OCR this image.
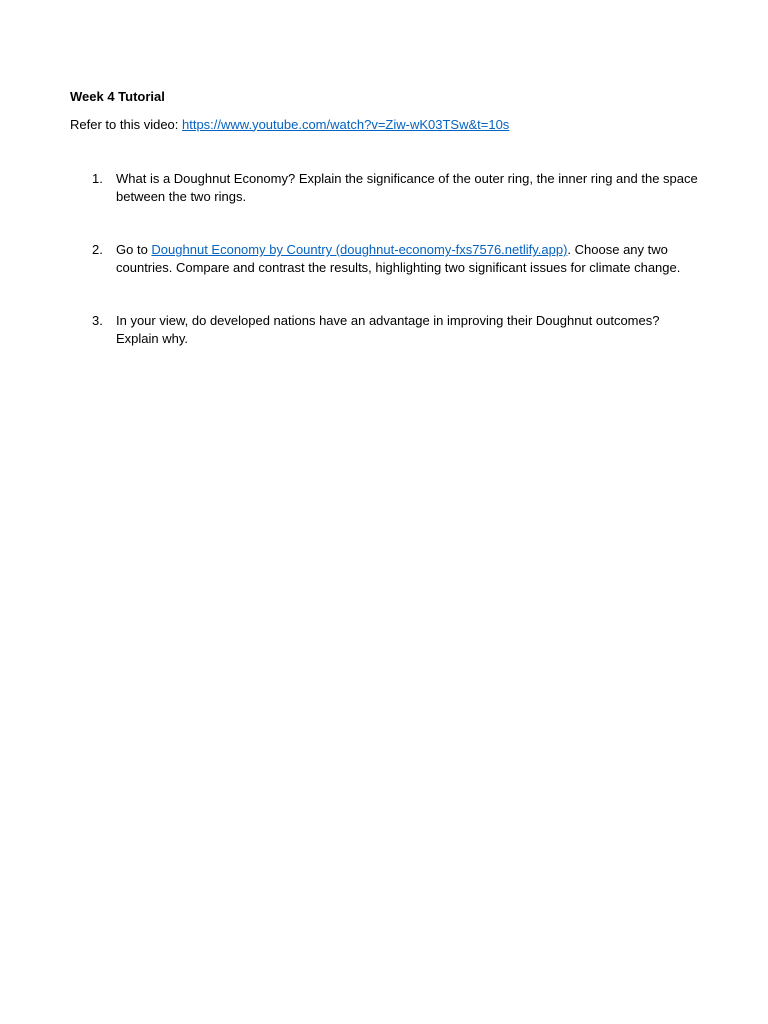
Week 4 Tutorial

Refer to this video: https://www.youtube.com/watch?v=Ziw-wK03TSw&t=10s

1.	What is a Doughnut Economy? Explain the significance of the outer ring, the inner ring and the space between the two rings.
2.	Go to Doughnut Economy by Country (doughnut-economy-fxs7576.netlify.app). Choose any two countries. Compare and contrast the results, highlighting two significant issues for climate change.
3.	In your view, do developed nations have an advantage in improving their Doughnut outcomes? Explain why.
